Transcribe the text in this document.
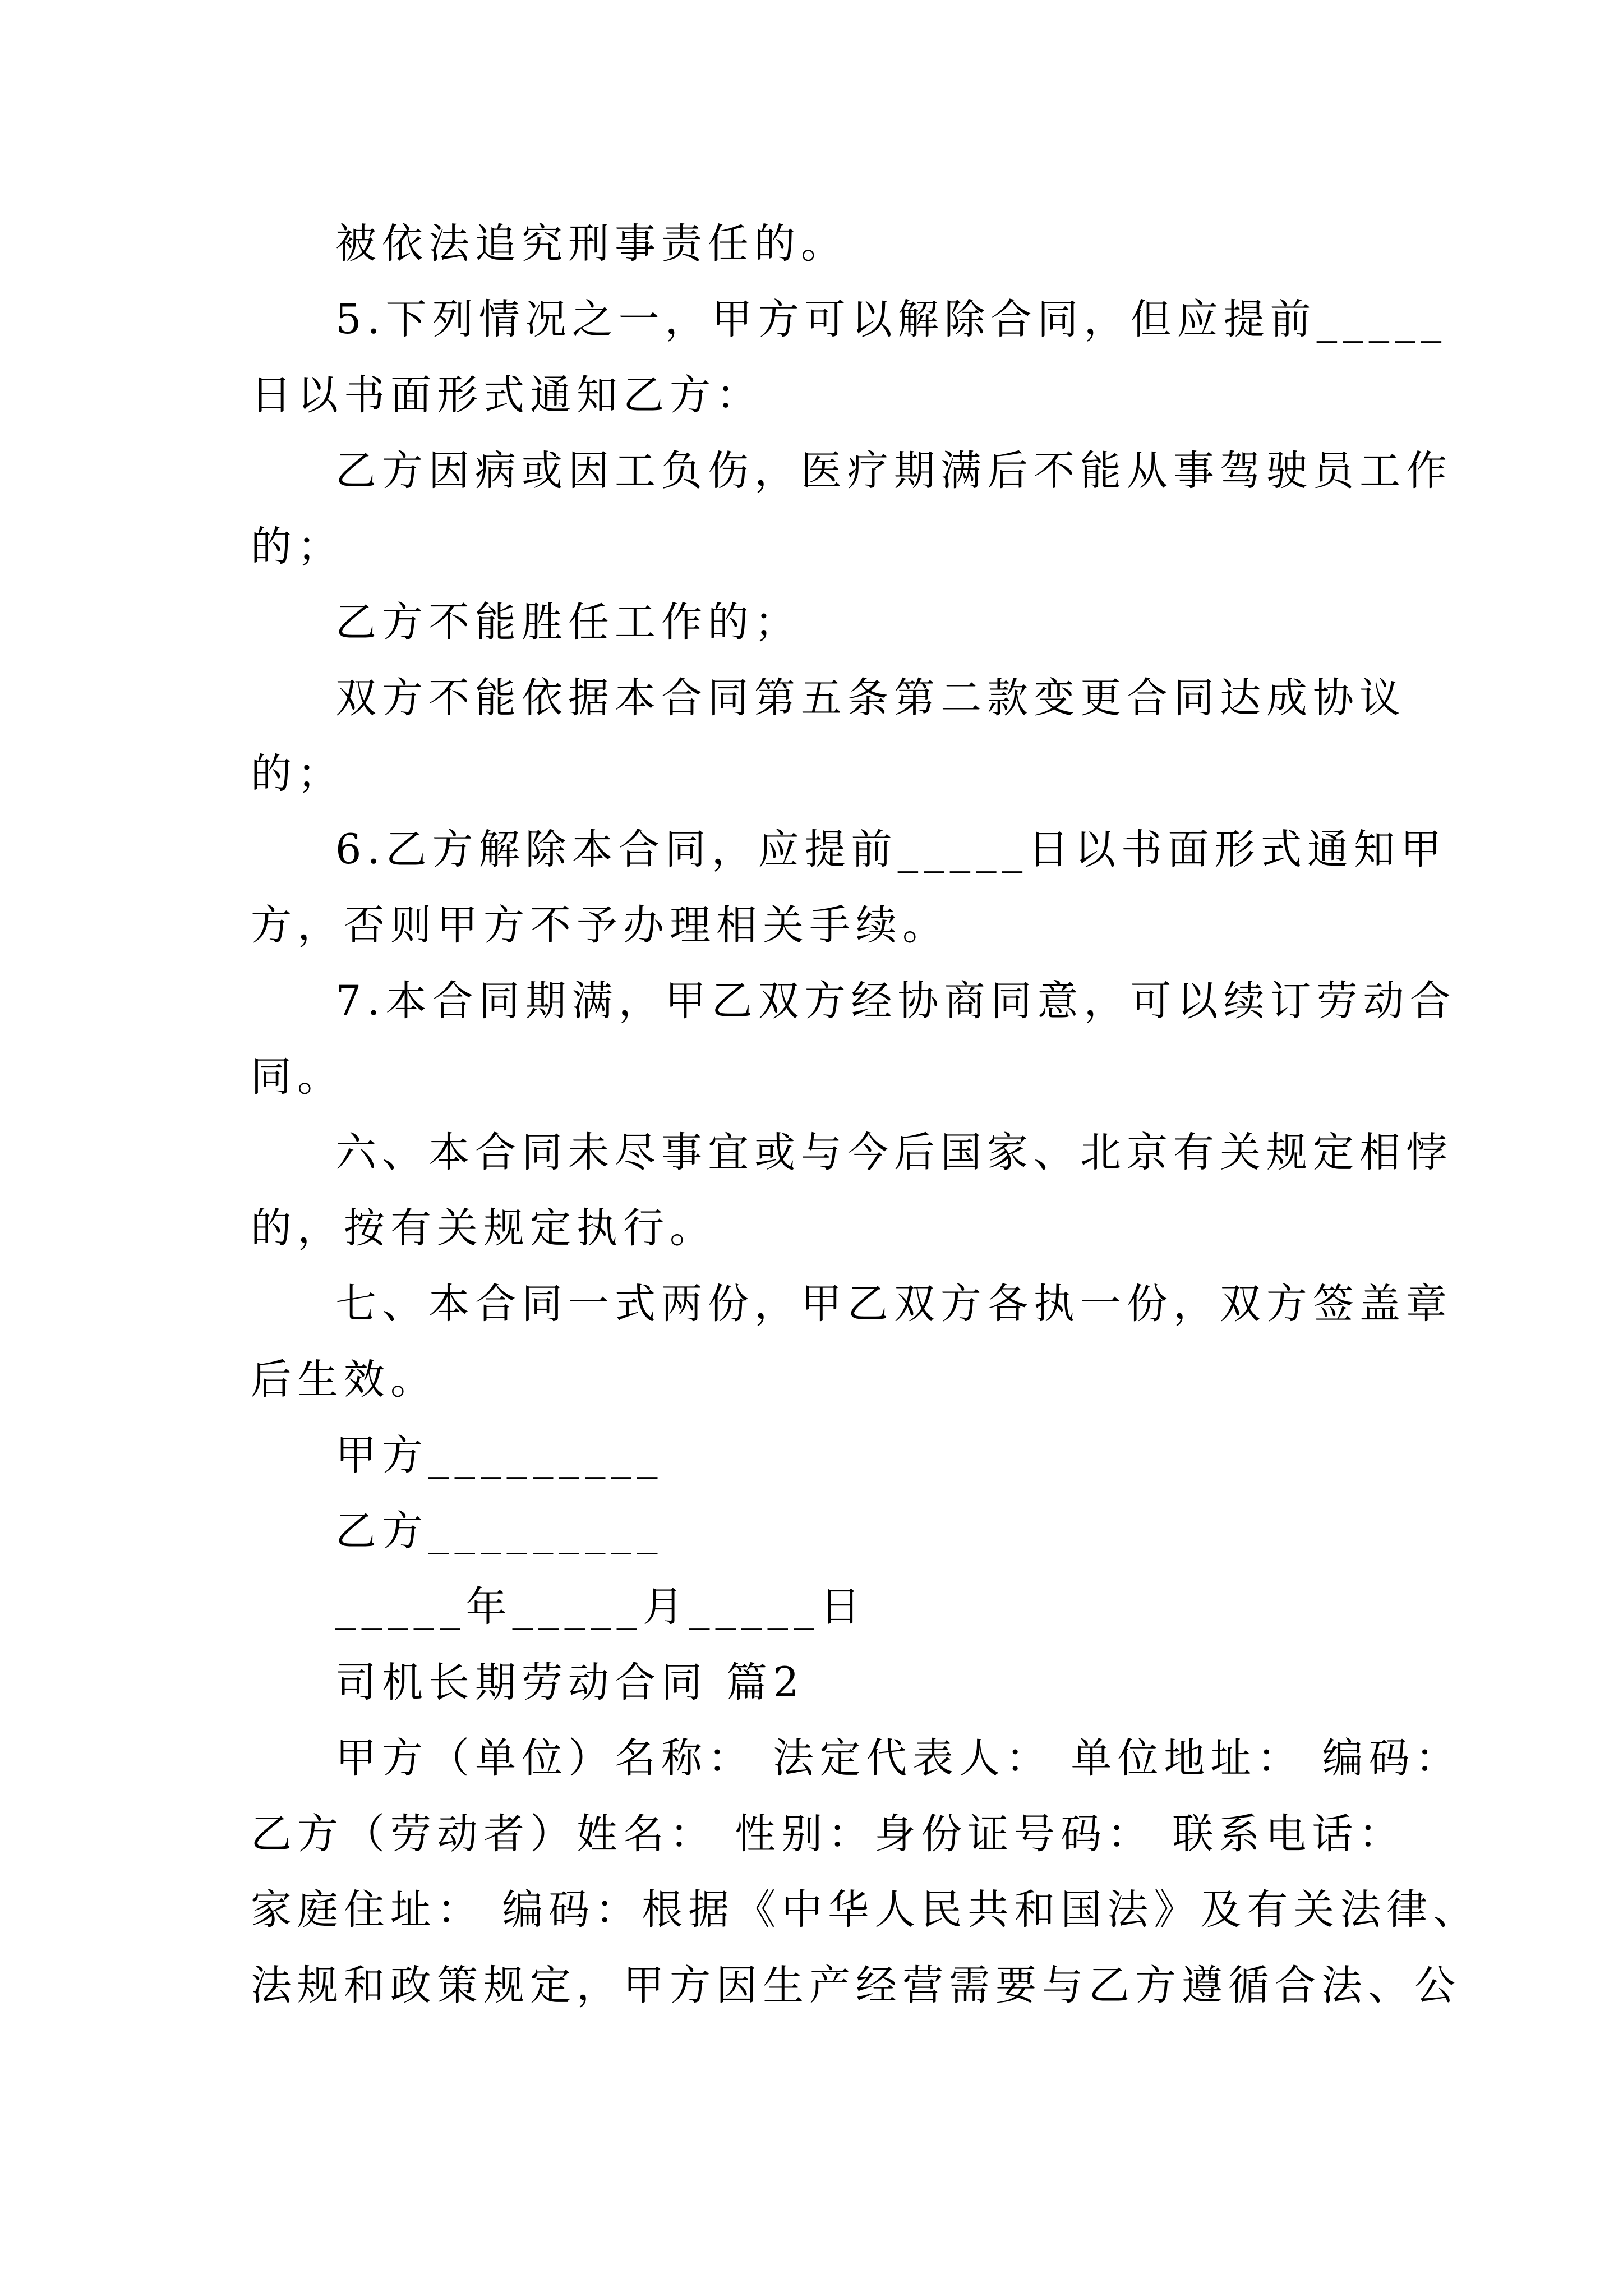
被依法追究刑事责任的。
5.下列情况之一，甲方可以解除合同，但应提前_____
日以书面形式通知乙方：
乙方因病或因工负伤，医疗期满后不能从事驾驶员工作
的；
乙方不能胜任工作的；
双方不能依据本合同第五条第二款变更合同达成协议
的；
6.乙方解除本合同，应提前_____日以书面形式通知甲
方，否则甲方不予办理相关手续。
7.本合同期满，甲乙双方经协商同意，可以续订劳动合
同。
六、本合同未尽事宜或与今后国家、北京有关规定相悖
的，按有关规定执行。
七、本合同一式两份，甲乙双方各执一份，双方签盖章
后生效。
甲方_________
乙方_________
_____年_____月_____日
司机长期劳动合同 篇2
甲方（单位）名称： 法定代表人： 单位地址： 编码：
乙方（劳动者）姓名： 性别：身份证号码： 联系电话：
家庭住址： 编码：根据《中华人民共和国法》及有关法律、
法规和政策规定，甲方因生产经营需要与乙方遵循合法、公
